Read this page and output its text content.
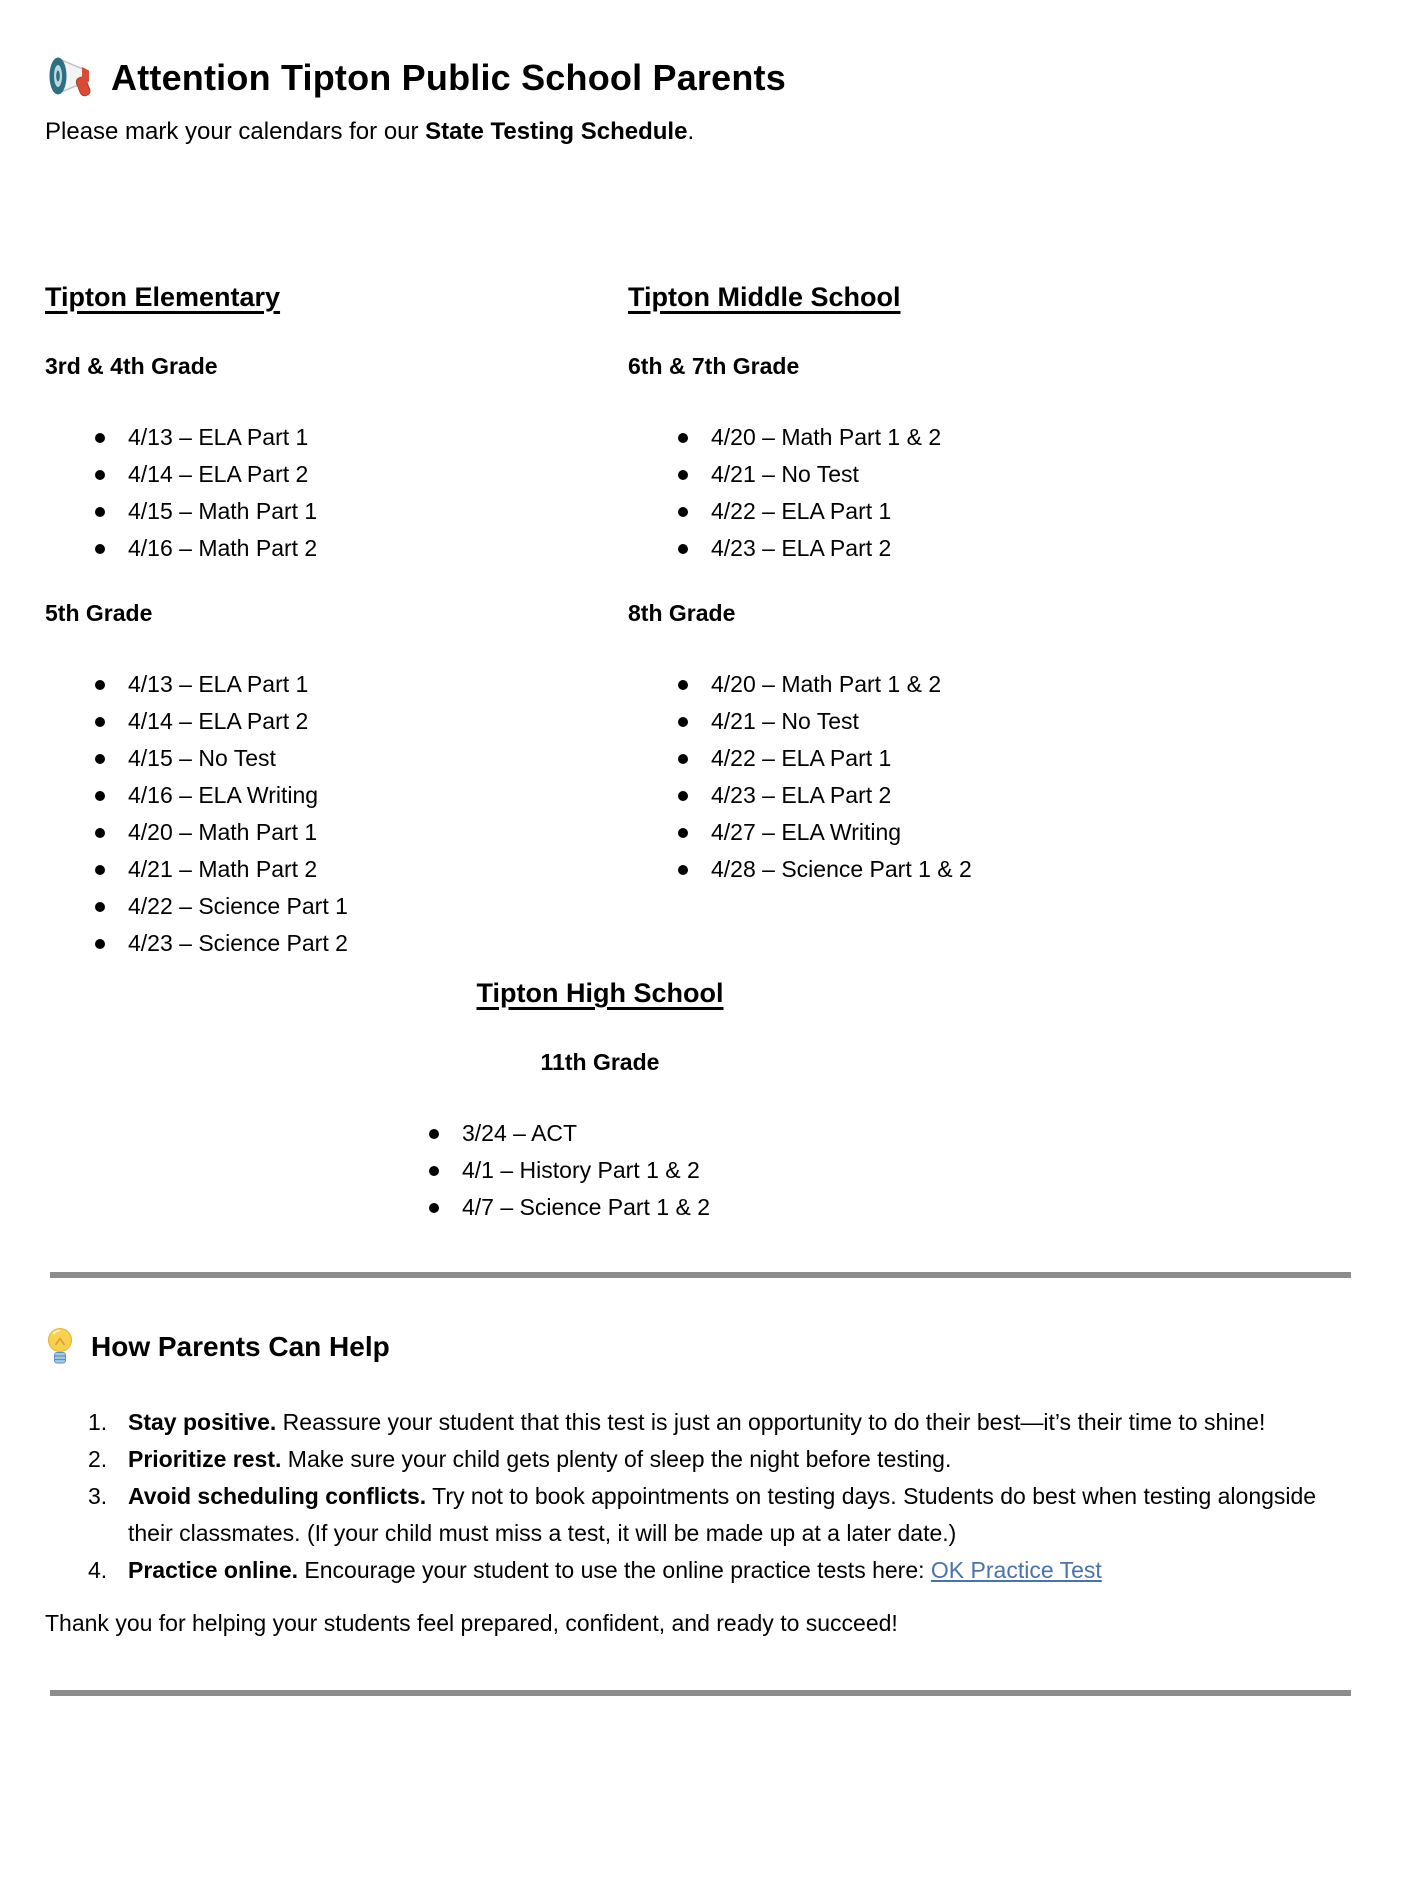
Attention Tipton Public School Parents

Please mark your calendars for our State Testing Schedule.

Tipton Elementary
3rd & 4th Grade
4/13 – ELA Part 1
4/14 – ELA Part 2
4/15 – Math Part 1
4/16 – Math Part 2
5th Grade
4/13 – ELA Part 1
4/14 – ELA Part 2
4/15 – No Test
4/16 – ELA Writing
4/20 – Math Part 1
4/21 – Math Part 2
4/22 – Science Part 1
4/23 – Science Part 2
Tipton Middle School
6th & 7th Grade
4/20 – Math Part 1 & 2
4/21 – No Test
4/22 – ELA Part 1
4/23 – ELA Part 2
8th Grade
4/20 – Math Part 1 & 2
4/21 – No Test
4/22 – ELA Part 1
4/23 – ELA Part 2
4/27 – ELA Writing
4/28 – Science Part 1 & 2
Tipton High School
11th Grade
3/24 – ACT
4/1 – History Part 1 & 2
4/7 – Science Part 1 & 2
How Parents Can Help
1. Stay positive. Reassure your student that this test is just an opportunity to do their best—it’s their time to shine!
2. Prioritize rest. Make sure your child gets plenty of sleep the night before testing.
3. Avoid scheduling conflicts. Try not to book appointments on testing days. Students do best when testing alongside their classmates. (If your child must miss a test, it will be made up at a later date.)
4. Practice online. Encourage your student to use the online practice tests here: OK Practice Test

Thank you for helping your students feel prepared, confident, and ready to succeed!
